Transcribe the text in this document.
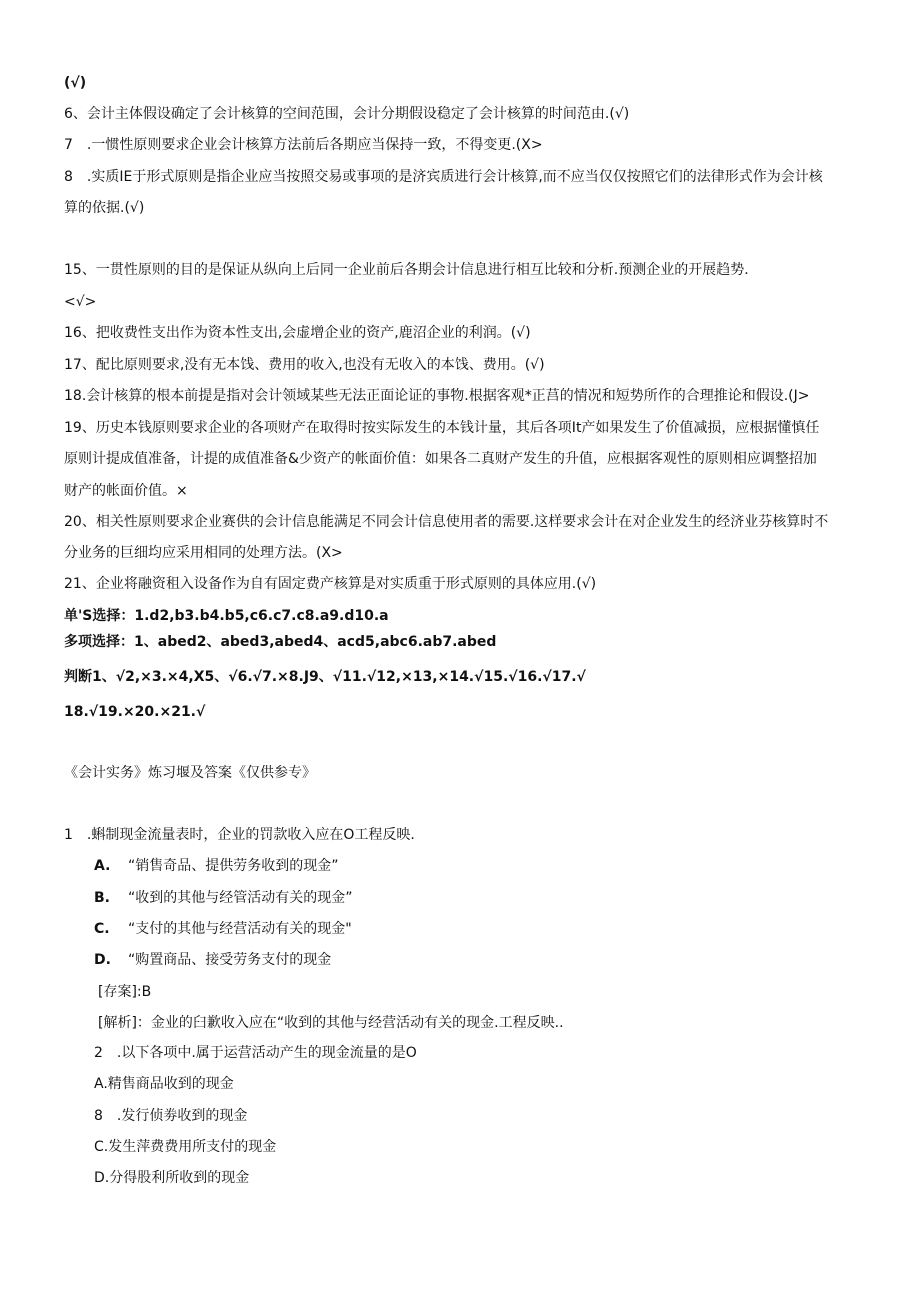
(√)
6、会计主体假设确定了会计核算的空间范围，会计分期假设稳定了会计核算的时间范由.(√)
7　.一惯性原则要求企业会计核算方法前后各期应当保持一致，不得变更.(X>
8　.实质IE于形式原则是指企业应当按照交易或事项的是济宾质进行会计核算,而不应当仅仅按照它们的法律形式作为会计核
算的依据.(√)
15、一贯性原则的目的是保证从纵向上后同一企业前后各期会计信息进行相互比较和分析.预测企业的开展趋势.
<√>
16、把收费性支出作为资本性支出,会虚增企业的资产,鹿沼企业的利润。(√)
17、配比原则要求,没有无本饯、费用的收入,也没有无收入的本饯、费用。(√)
18.会计核算的根本前提是指对会计领域某些无法正面论证的事物.根据客观*正莒的情况和短势所作的合理推论和假设.(J>
19、历史本钱原则要求企业的各项财产在取得时按实际发生的本钱计量，其后各项It产如果发生了价值减损，应根据懂慎任
原则计提成值准备，计提的成值准备&少资产的帐面价值：如果各二真财产发生的升值，应根据客观性的原则相应调整招加
财产的帐面价值。×
20、相关性原则要求企业赛供的会计信息能满足不同会计信息使用者的需要.这样要求会计在对企业发生的经济业芬核算时不
分业务的巨细均应采用相同的处理方法。(X>
21、企业将融资租入设备作为自有固定费产核算是对实质重于形式原则的具体应用.(√)
单'S选择：1.d2,b3.b4.b5,c6.c7.c8.a9.d10.a
多项选择：1、abed2、abed3,abed4、acd5,abc6.ab7.abed
判断1、√2,×3.×4,X5、√6.√7.×8.J9、√11.√12,×13,×14.√15.√16.√17.√
18.√19.×20.×21.√
《会计实务》炼习堰及答案《仅供参专》
1　.蝌制现金流量表时，企业的罚款收入应在O工程反映.
A. “销售奇品、提供劳务收到的现金”
B. “收到的其他与经管活动有关的现金”
C. “支付的其他与经营活动有关的现金"
D. “购置商品、接受劳务支付的现金
[存案]:B
[解析]：金业的臼歉收入应在“收到的其他与经营活动有关的现金.工程反映..
2　.以下各项中.属于运营活动产生的现金流量的是O
A.精售商品收到的现金
8　.发行侦劵收到的现金
C.发生萍费费用所支付的现金
D.分得股利所收到的现金
